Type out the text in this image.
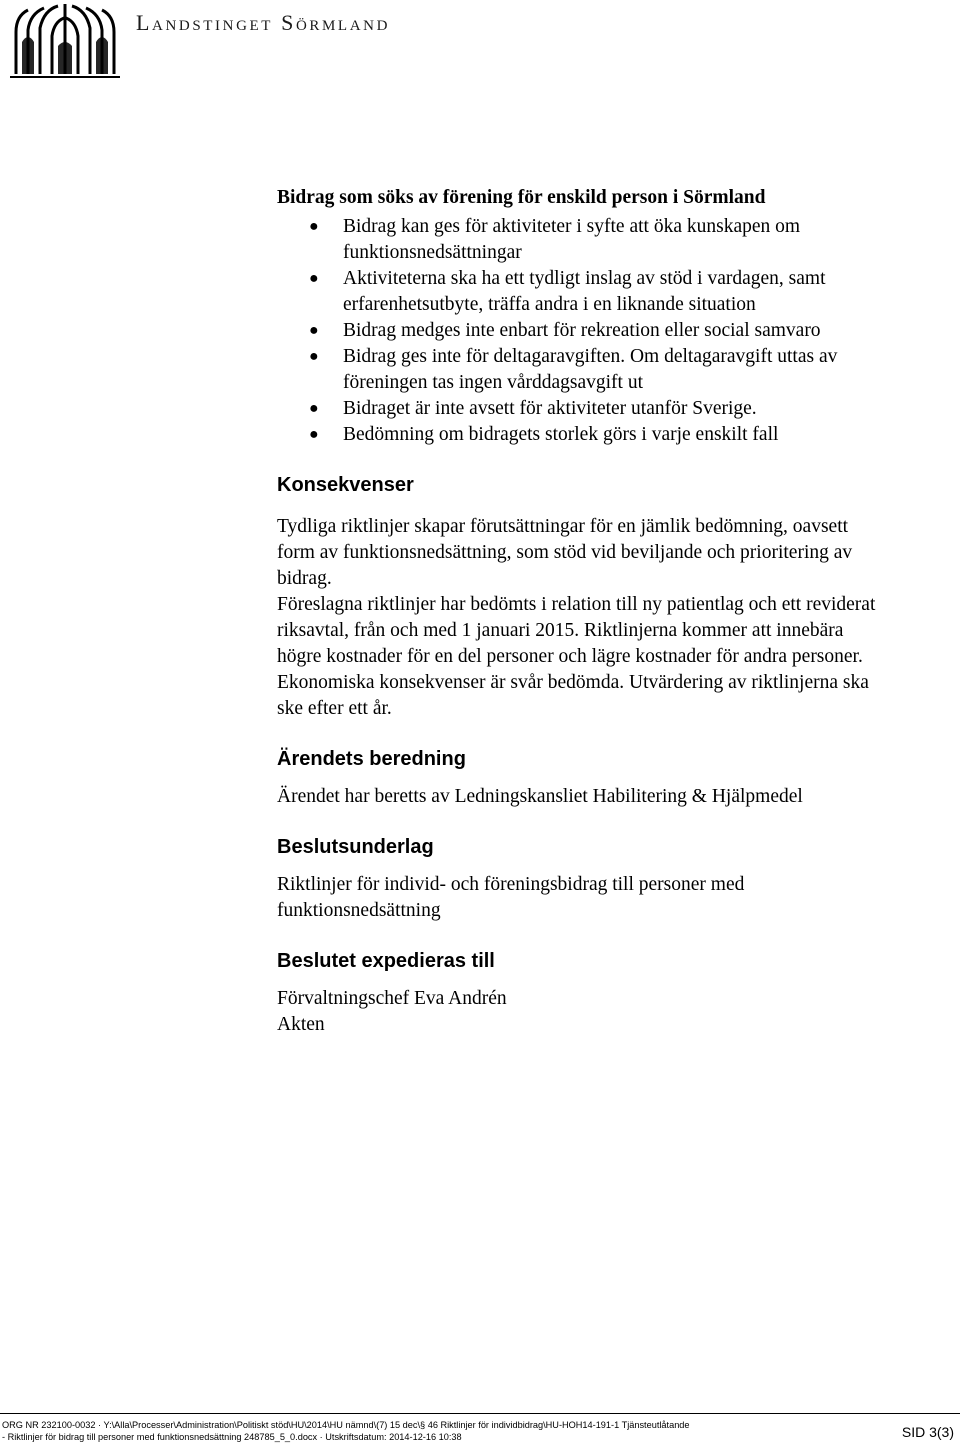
Landstinget Sörmland

Bidrag som söks av förening för enskild person i Sörmland

● Bidrag kan ges för aktiviteter i syfte att öka kunskapen om
funktionsnedsättningar
● Aktiviteterna ska ha ett tydligt inslag av stöd i vardagen, samt
erfarenhetsutbyte, träffa andra i en liknande situation
● Bidrag medges inte enbart för rekreation eller social samvaro
● Bidrag ges inte för deltagaravgiften. Om deltagaravgift uttas av
föreningen tas ingen vårddagsavgift ut
● Bidraget är inte avsett för aktiviteter utanför Sverige.
● Bedömning om bidragets storlek görs i varje enskilt fall

Konsekvenser

Tydliga riktlinjer skapar förutsättningar för en jämlik bedömning, oavsett

form av funktionsnedsättning, som stöd vid beviljande och prioritering av

bidrag.

Föreslagna riktlinjer har bedömts i relation till ny patientlag och ett reviderat

riksavtal, från och med 1 januari 2015. Riktlinjerna kommer att innebära

högre kostnader för en del personer och lägre kostnader för andra personer.

Ekonomiska konsekvenser är svår bedömda. Utvärdering av riktlinjerna ska

ske efter ett år.

Ärendets beredning

Ärendet har beretts av Ledningskansliet Habilitering & Hjälpmedel

Beslutsunderlag

Riktlinjer för individ- och föreningsbidrag till personer med

funktionsnedsättning

Beslutet expedieras till

Förvaltningschef Eva Andrén

Akten

ORG NR 232100-0032 · Y:\Alla\Processer\Administration\Politiskt stöd\HU\2014\HU nämnd\(7) 15 dec\§ 46 Riktlinjer för individbidrag\HU-HOH14-191-1 Tjänsteutlåtande
- Riktlinjer för bidrag till personer med funktionsnedsättning 248785_5_0.docx · Utskriftsdatum: 2014-12-16 10:38	SID 3(3)
